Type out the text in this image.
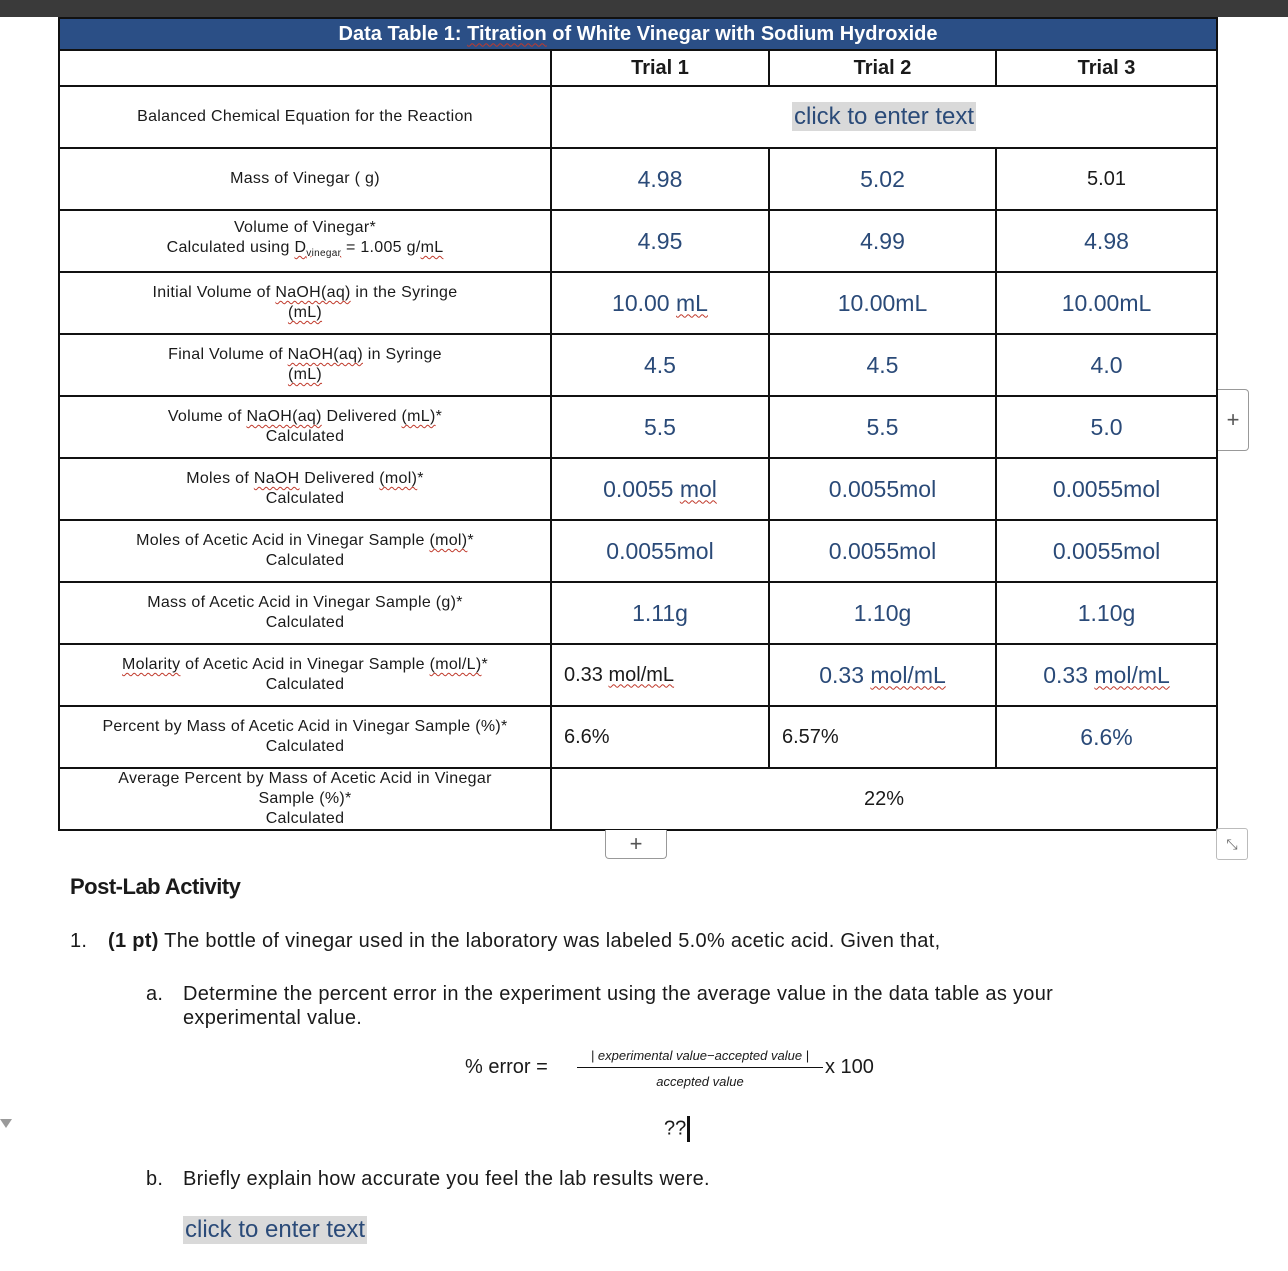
Data Table 1: Titration of White Vinegar with Sodium Hydroxide			
	Trial 1	Trial 2	Trial 3
Balanced Chemical Equation for the Reaction	click to enter text		
Mass of Vinegar ( g)	4.98	5.02	5.01
Volume of Vinegar*
Calculated using $D_{vinegar} = 1.005$ g/mL	4.95	4.99	4.98
Initial Volume of NaOH(aq) in the Syringe
(mL)	10.00 mL	10.00mL	10.00mL
Final Volume of NaOH(aq) in Syringe
(mL)	4.5	4.5	4.0
Volume of NaOH(aq) Delivered (mL)*
Calculated	5.5	5.5	5.0
Moles of NaOH Delivered (mol)*
Calculated	0.0055 mol	0.0055mol	0.0055mol
Moles of Acetic Acid in Vinegar Sample (mol)*
Calculated	0.0055mol	0.0055mol	0.0055mol
Mass of Acetic Acid in Vinegar Sample (g)*
Calculated	1.11g	1.10g	1.10g
Molarity of Acetic Acid in Vinegar Sample (mol/L)*
Calculated	0.33 mol/mL	0.33 mol/mL	0.33 mol/mL
Percent by Mass of Acetic Acid in Vinegar Sample (%)*
Calculated	6.6%	6.57%	6.6%
Average Percent by Mass of Acetic Acid in Vinegar
Sample (%)*
Calculated	22%		
+
+
⤡
Post-Lab Activity
1. (1 pt) The bottle of vinegar used in the laboratory was labeled 5.0% acetic acid. Given that,
a. Determine the percent error in the experiment using the average value in the data table as your experimental value.
% error =
| experimental value−accepted value |
accepted value
x 100
??
b. Briefly explain how accurate you feel the lab results were.
click to enter text
